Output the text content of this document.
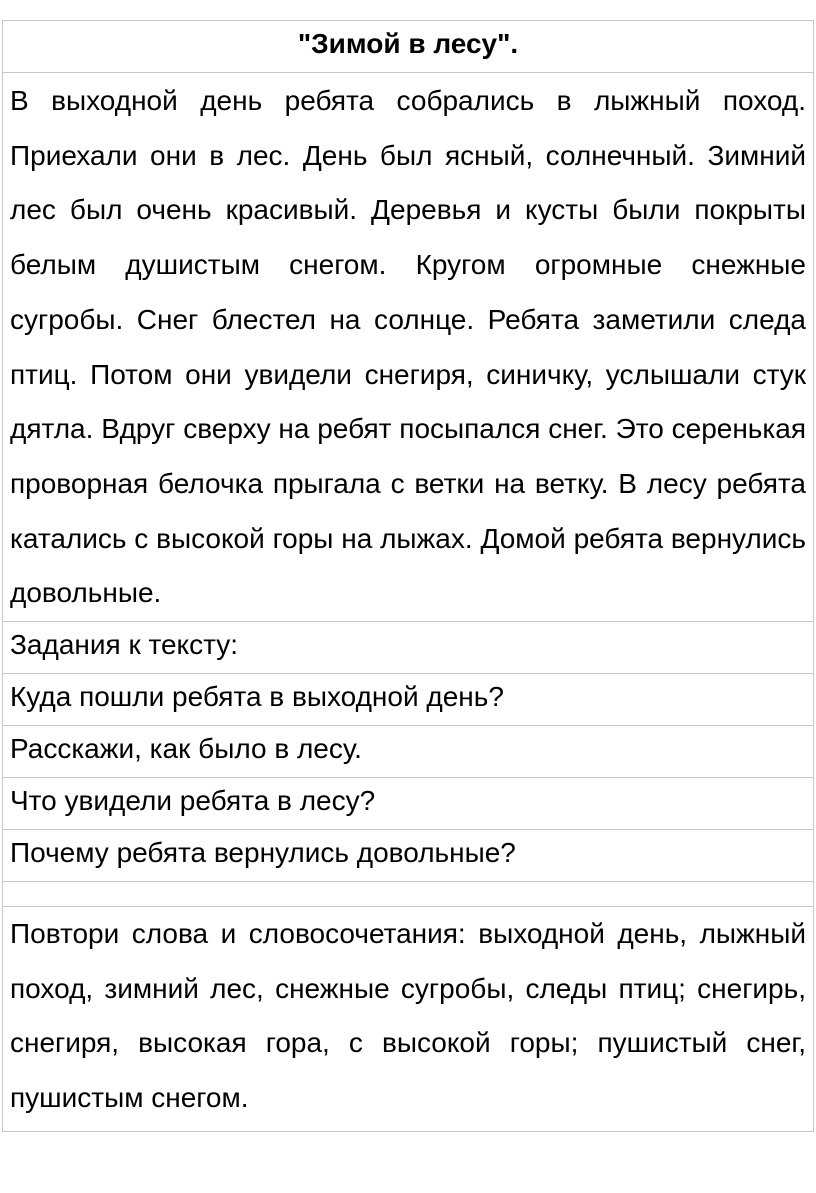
"Зимой в лесу".
В выходной день ребята собрались в лыжный поход. Приехали они в лес. День был ясный, солнечный. Зимний лес был очень красивый. Деревья и кусты были покрыты белым душистым снегом. Кругом огромные снежные сугробы. Снег блестел на солнце. Ребята заметили следа птиц. Потом они увидели снегиря, синичку, услышали стук дятла. Вдруг сверху на ребят посыпался снег. Это серенькая проворная белочка прыгала с ветки на ветку. В лесу ребята катались с высокой горы на лыжах. Домой ребята вернулись довольные.
Задания к тексту:
Куда пошли ребята в выходной день?
Расскажи, как было в лесу.
Что увидели ребята в лесу?
Почему ребята вернулись довольные?

Повтори слова и словосочетания: выходной день, лыжный поход, зимний лес, снежные сугробы, следы птиц; снегирь, снегиря, высокая гора, с высокой горы; пушистый снег, пушистым снегом.
